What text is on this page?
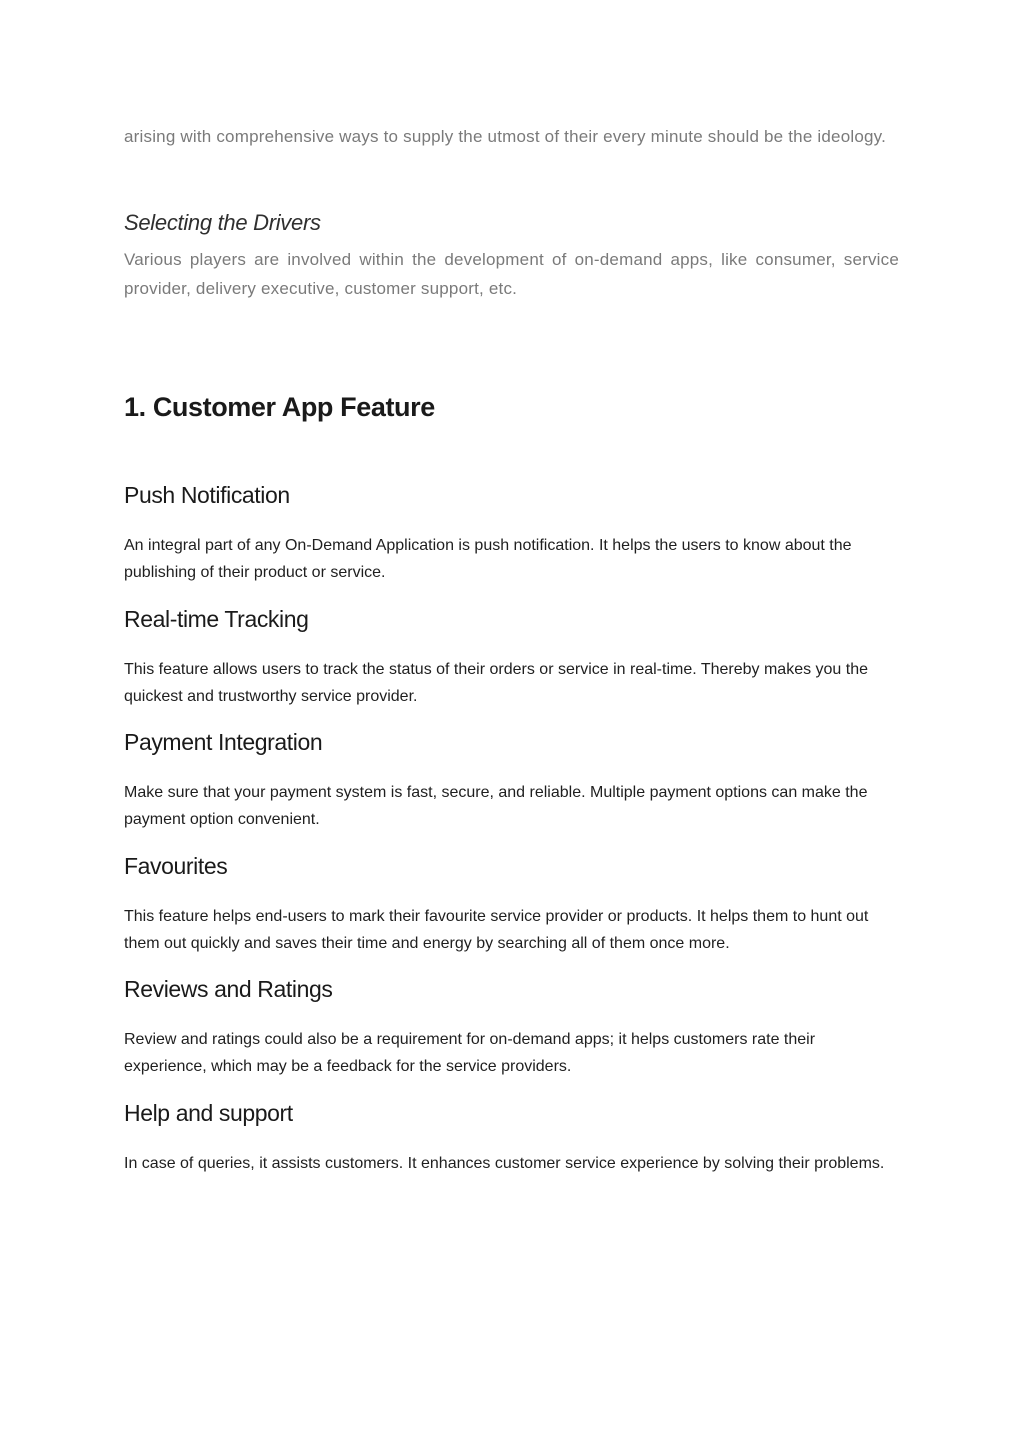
arising with comprehensive ways to supply the utmost of their every minute should be the ideology.

Selecting the Drivers

Various players are involved within the development of on-demand apps, like consumer, service provider, delivery executive, customer support, etc.

1. Customer App Feature
Push Notification

An integral part of any On-Demand Application is push notification. It helps the users to know about the publishing of their product or service.

Real-time Tracking

This feature allows users to track the status of their orders or service in real-time. Thereby makes you the quickest and trustworthy service provider.

Payment Integration

Make sure that your payment system is fast, secure, and reliable. Multiple payment options can make the payment option convenient.

Favourites

This feature helps end-users to mark their favourite service provider or products. It helps them to hunt out them out quickly and saves their time and energy by searching all of them once more.

Reviews and Ratings

Review and ratings could also be a requirement for on-demand apps; it helps customers rate their experience, which may be a feedback for the service providers.

Help and support

In case of queries, it assists customers. It enhances customer service experience by solving their problems.
